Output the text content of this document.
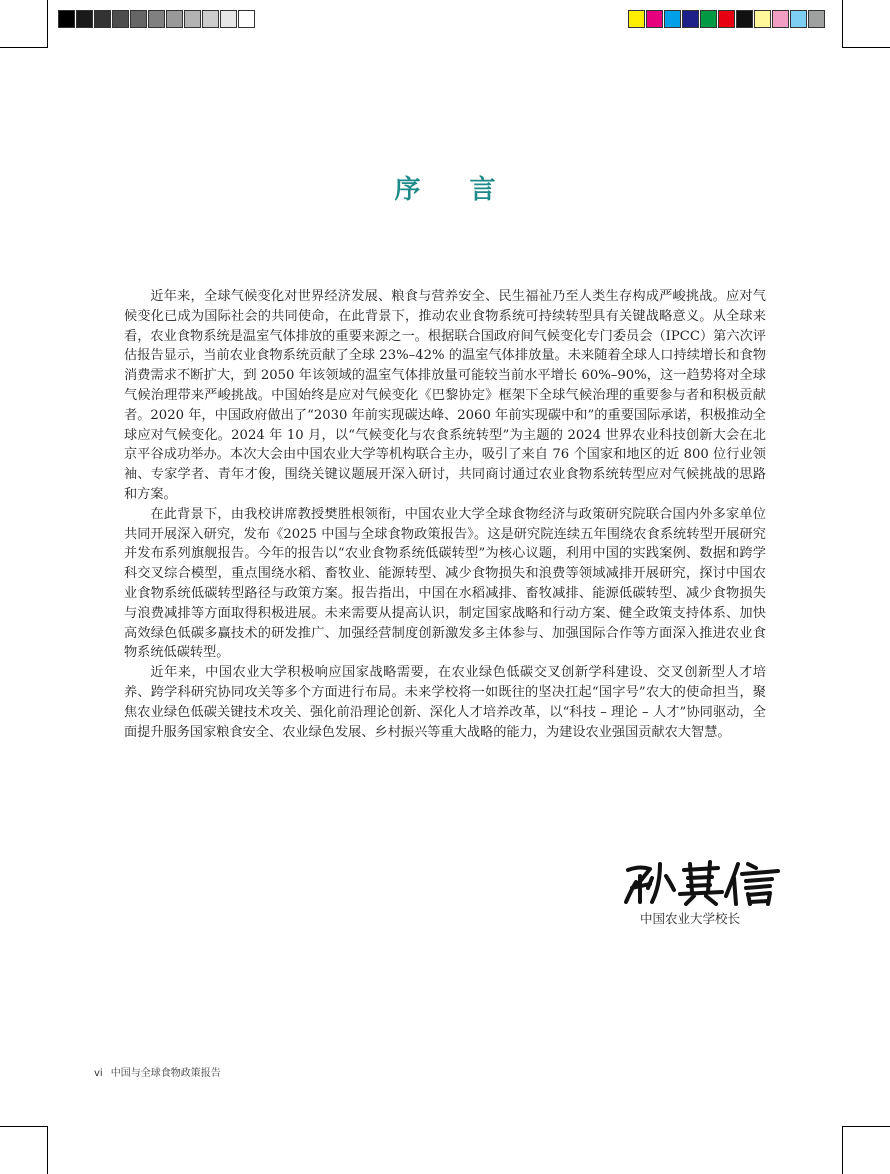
序 言

近年来，全球气候变化对世界经济发展、粮食与营养安全、民生福祉乃至人类生存构成严峻挑战。应对气候变化已成为国际社会的共同使命，在此背景下，推动农业食物系统可持续转型具有关键战略意义。从全球来看，农业食物系统是温室气体排放的重要来源之一。根据联合国政府间气候变化专门委员会（IPCC）第六次评估报告显示，当前农业食物系统贡献了全球 23%–42% 的温室气体排放量。未来随着全球人口持续增长和食物消费需求不断扩大，到 2050 年该领域的温室气体排放量可能较当前水平增长 60%–90%，这一趋势将对全球气候治理带来严峻挑战。中国始终是应对气候变化《巴黎协定》框架下全球气候治理的重要参与者和积极贡献者。2020 年，中国政府做出了“2030 年前实现碳达峰、2060 年前实现碳中和”的重要国际承诺，积极推动全球应对气候变化。2024 年 10 月，以“气候变化与农食系统转型”为主题的 2024 世界农业科技创新大会在北京平谷成功举办。本次大会由中国农业大学等机构联合主办，吸引了来自 76 个国家和地区的近 800 位行业领袖、专家学者、青年才俊，围绕关键议题展开深入研讨，共同商讨通过农业食物系统转型应对气候挑战的思路和方案。

在此背景下，由我校讲席教授樊胜根领衔，中国农业大学全球食物经济与政策研究院联合国内外多家单位共同开展深入研究，发布《2025 中国与全球食物政策报告》。这是研究院连续五年围绕农食系统转型开展研究并发布系列旗舰报告。今年的报告以“农业食物系统低碳转型”为核心议题，利用中国的实践案例、数据和跨学科交叉综合模型，重点围绕水稻、畜牧业、能源转型、减少食物损失和浪费等领域减排开展研究，探讨中国农业食物系统低碳转型路径与政策方案。报告指出，中国在水稻减排、畜牧减排、能源低碳转型、减少食物损失与浪费减排等方面取得积极进展。未来需要从提高认识，制定国家战略和行动方案、健全政策支持体系、加快高效绿色低碳多赢技术的研发推广、加强经营制度创新激发多主体参与、加强国际合作等方面深入推进农业食物系统低碳转型。

近年来，中国农业大学积极响应国家战略需要，在农业绿色低碳交叉创新学科建设、交叉创新型人才培养、跨学科研究协同攻关等多个方面进行布局。未来学校将一如既往的坚决扛起“国字号”农大的使命担当，聚焦农业绿色低碳关键技术攻关、强化前沿理论创新、深化人才培养改革，以“科技 – 理论 – 人才”协同驱动，全面提升服务国家粮食安全、农业绿色发展、乡村振兴等重大战略的能力，为建设农业强国贡献农大智慧。

中国农业大学校长
vi 中国与全球食物政策报告
